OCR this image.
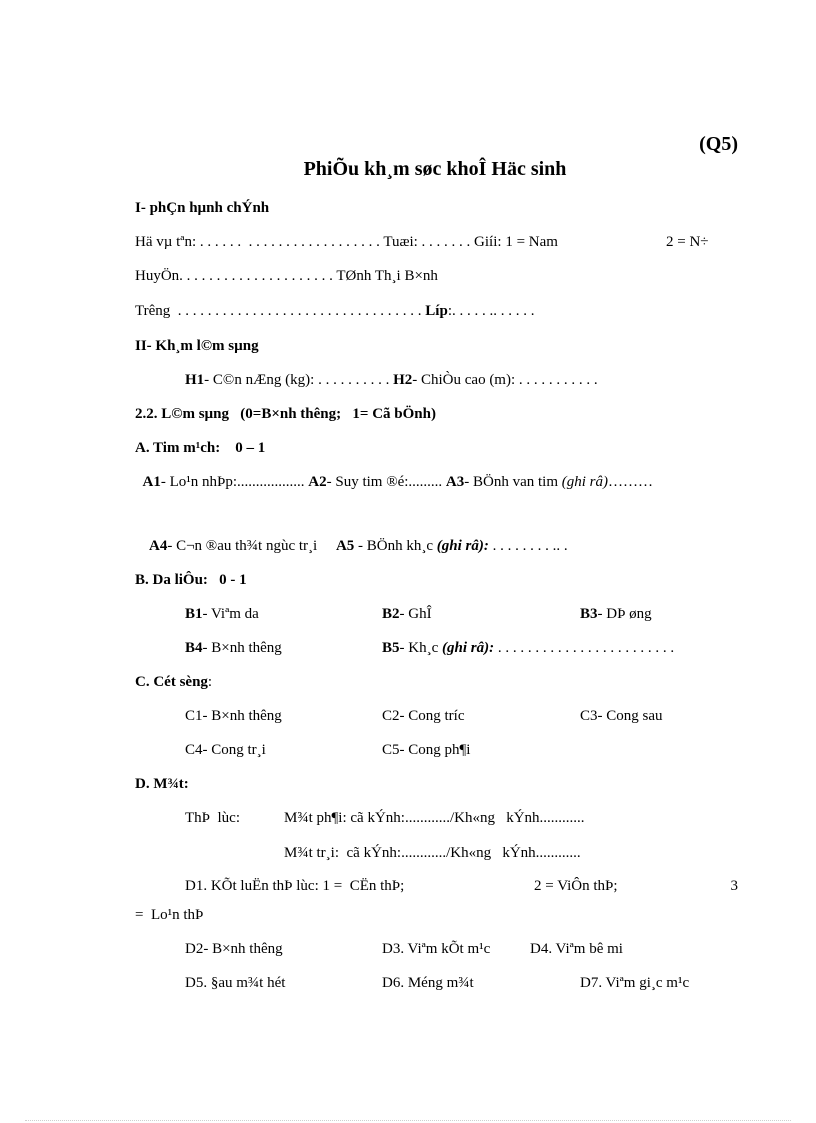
(Q5)
PhiÕu kh¸m søc khoÎ Häc sinh
I- phÇn hµnh chÝnh
Hä vµ tªn: . . . . . .  . . . . . . . . . . . . . . . . . . Tuæi: . . . . . . . Giíi: 1 = Nam	2 = N÷
HuyÖn. . . . . . . . . . . . . . . . . . . . . TØnh Th¸i B×nh
Trêng  . . . . . . . . . . . . . . . . . . . . . . . . . . . . . . . . . Líp:. . . . . .. . . . . .
II- Kh¸m l©m sµng
H1- C©n nÆng (kg): . . . . . . . . . . H2- ChiÒu cao (m): . . . . . . . . . . .
2.2. L©m sµng   (0=B×nh thêng;   1= Cã bÖnh)
A. Tim m¹ch:    0 – 1
A1- Lo¹n nhÞp:.................. A2- Suy tim ®é:......... A3- BÖnh van tim (ghi râ)………
A4- C¬n ®au th¾t ngùc tr¸i A5 - BÖnh kh¸c (ghi râ): . . . . . . . . .. .
B. Da liÔu:   0 - 1
B1- Viªm da	B2- GhÎ	B3- DÞ øng
B4- B×nh thêng	B5- Kh¸c (ghi râ): . . . . . . . . . . . . . . . . . . . . . . . .
C. Cét sèng:
C1- B×nh thêng	C2- Cong tríc	C3- Cong sau
C4- Cong tr¸i	C5- Cong ph¶i
D. M¾t:
ThÞ  lùc:	M¾t ph¶i: cã kÝnh:............/Kh«ng   kÝnh............
M¾t tr¸i:  cã kÝnh:............/Kh«ng   kÝnh............
D1. KÕt luËn thÞ lùc: 1 =  CËn thÞ;	2 = ViÔn thÞ;	3
=  Lo¹n thÞ
D2- B×nh thêng	D3. Viªm kÕt m¹c	D4. Viªm bê mi
D5. §au m¾t hét	D6. Méng m¾t	D7. Viªm gi¸c m¹c
